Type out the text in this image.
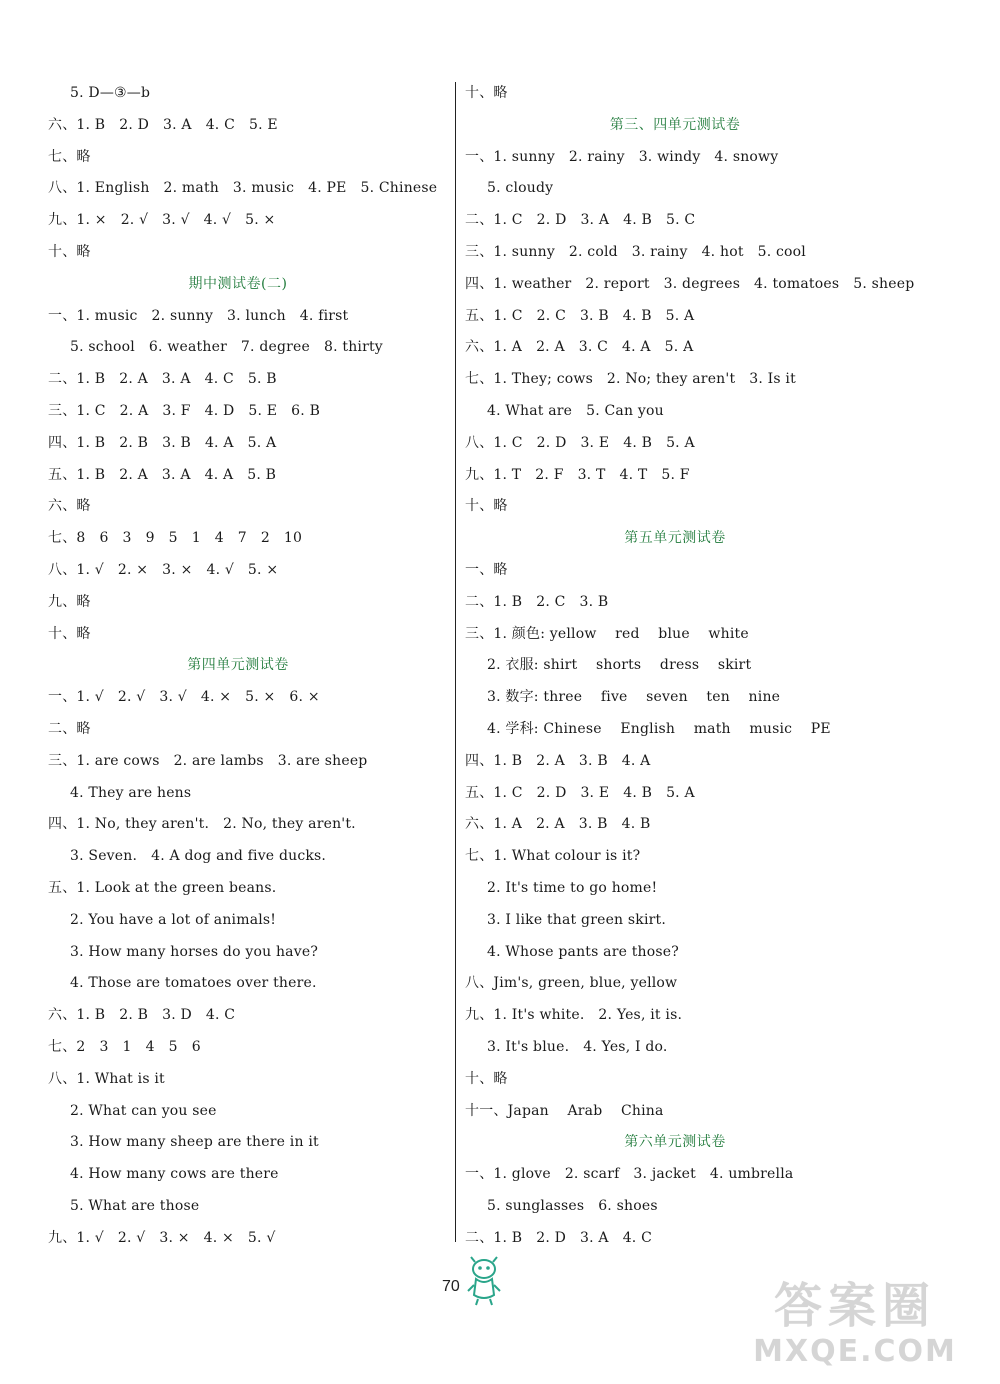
5. D—③—b
六、1. B   2. D   3. A   4. C   5. E
七、略
八、1. English   2. math   3. music   4. PE   5. Chinese
九、1. ×   2. √   3. √   4. √   5. ×
十、略
期中测试卷(二)
一、1. music   2. sunny   3. lunch   4. first
5. school   6. weather   7. degree   8. thirty
二、1. B   2. A   3. A   4. C   5. B
三、1. C   2. A   3. F   4. D   5. E   6. B
四、1. B   2. B   3. B   4. A   5. A
五、1. B   2. A   3. A   4. A   5. B
六、略
七、8   6   3   9   5   1   4   7   2   10
八、1. √   2. ×   3. ×   4. √   5. ×
九、略
十、略
第四单元测试卷
一、1. √   2. √   3. √   4. ×   5. ×   6. ×
二、略
三、1. are cows   2. are lambs   3. are sheep
4. They are hens
四、1. No, they aren't.   2. No, they aren't.
3. Seven.   4. A dog and five ducks.
五、1. Look at the green beans.
2. You have a lot of animals!
3. How many horses do you have?
4. Those are tomatoes over there.
六、1. B   2. B   3. D   4. C
七、2   3   1   4   5   6
八、1. What is it
2. What can you see
3. How many sheep are there in it
4. How many cows are there
5. What are those
九、1. √   2. √   3. ×   4. ×   5. √
十、略
第三、四单元测试卷
一、1. sunny   2. rainy   3. windy   4. snowy
5. cloudy
二、1. C   2. D   3. A   4. B   5. C
三、1. sunny   2. cold   3. rainy   4. hot   5. cool
四、1. weather   2. report   3. degrees   4. tomatoes   5. sheep
五、1. C   2. C   3. B   4. B   5. A
六、1. A   2. A   3. C   4. A   5. A
七、1. They; cows   2. No; they aren't   3. Is it
4. What are   5. Can you
八、1. C   2. D   3. E   4. B   5. A
九、1. T   2. F   3. T   4. T   5. F
十、略
第五单元测试卷
一、略
二、1. B   2. C   3. B
三、1. 颜色: yellow    red    blue    white
2. 衣服: shirt    shorts    dress    skirt
3. 数字: three    five    seven    ten    nine
4. 学科: Chinese    English    math    music    PE
四、1. B   2. A   3. B   4. A
五、1. C   2. D   3. E   4. B   5. A
六、1. A   2. A   3. B   4. B
七、1. What colour is it?
2. It's time to go home!
3. I like that green skirt.
4. Whose pants are those?
八、Jim's, green, blue, yellow
九、1. It's white.   2. Yes, it is.
3. It's blue.   4. Yes, I do.
十、略
十一、Japan    Arab    China
第六单元测试卷
一、1. glove   2. scarf   3. jacket   4. umbrella
5. sunglasses   6. shoes
二、1. B   2. D   3. A   4. C
70	答案圈
MXQE.COM
